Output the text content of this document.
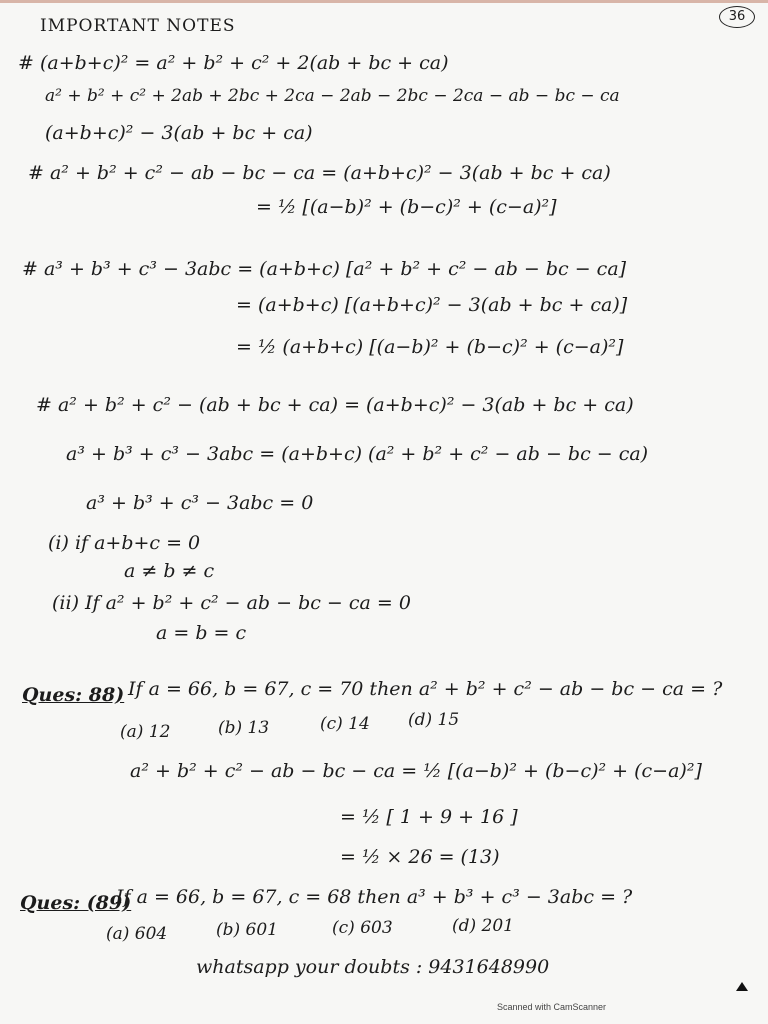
36
IMPORTANT NOTES
# (a+b+c)² = a² + b² + c² + 2(ab + bc + ca)
a² + b² + c² + 2ab + 2bc + 2ca − 2ab − 2bc − 2ca − ab − bc − ca
(a+b+c)² − 3(ab + bc + ca)
# a² + b² + c² − ab − bc − ca = (a+b+c)² − 3(ab + bc + ca)
= ½ [(a−b)² + (b−c)² + (c−a)²]
# a³ + b³ + c³ − 3abc = (a+b+c) [a² + b² + c² − ab − bc − ca]
= (a+b+c) [(a+b+c)² − 3(ab + bc + ca)]
= ½ (a+b+c) [(a−b)² + (b−c)² + (c−a)²]
# a² + b² + c² − (ab + bc + ca) = (a+b+c)² − 3(ab + bc + ca)
a³ + b³ + c³ − 3abc = (a+b+c) (a² + b² + c² − ab − bc − ca)
a³ + b³ + c³ − 3abc = 0
(i) if a+b+c = 0
a ≠ b ≠ c
(ii) If a² + b² + c² − ab − bc − ca = 0
a = b = c
Ques: 88) If a = 66, b = 67, c = 70 then a² + b² + c² − ab − bc − ca = ?
(a) 12	(b) 13	(c) 14 (d) 15
a² + b² + c² − ab − bc − ca = ½ [(a−b)² + (b−c)² + (c−a)²]
= ½ [ 1 + 9 + 16 ]
= ½ × 26 = (13)
Ques: (89)
If a = 66, b = 67, c = 68 then a³ + b³ + c³ − 3abc = ?
(a) 604	(b) 601	(c) 603	(d) 201
whatsapp your doubts : 9431648990
Scanned with CamScanner
